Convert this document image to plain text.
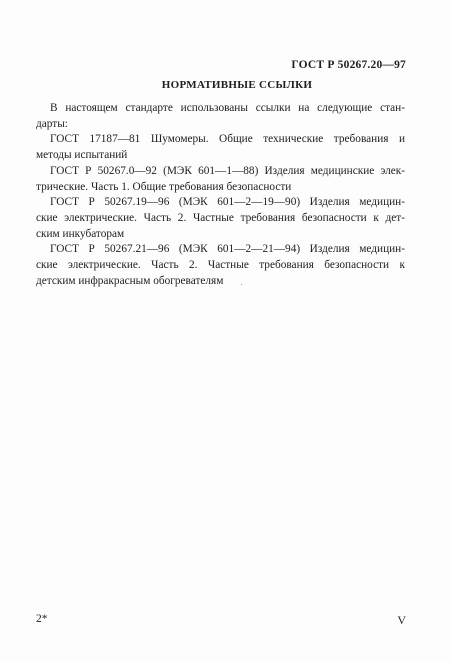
ГОСТ Р 50267.20—97
НОРМАТИВНЫЕ ССЫЛКИ

В настоящем стандарте использованы ссылки на следующие стан-
дарты:

ГОСТ 17187—81 Шумомеры. Общие технические требования и
методы испытаний

ГОСТ Р 50267.0—92 (МЭК 601—1—88) Изделия медицинские элек-
трические. Часть 1. Общие требования безопасности

ГОСТ Р 50267.19—96 (МЭК 601—2—19—90) Изделия медицин-
ские электрические. Часть 2. Частные требования безопасности к дет-
ским инкубаторам

ГОСТ Р 50267.21—96 (МЭК 601—2—21—94) Изделия медицин-
ские электрические. Часть 2. Частные требования безопасности к
детским инфракрасным обогревателям

2*	V
